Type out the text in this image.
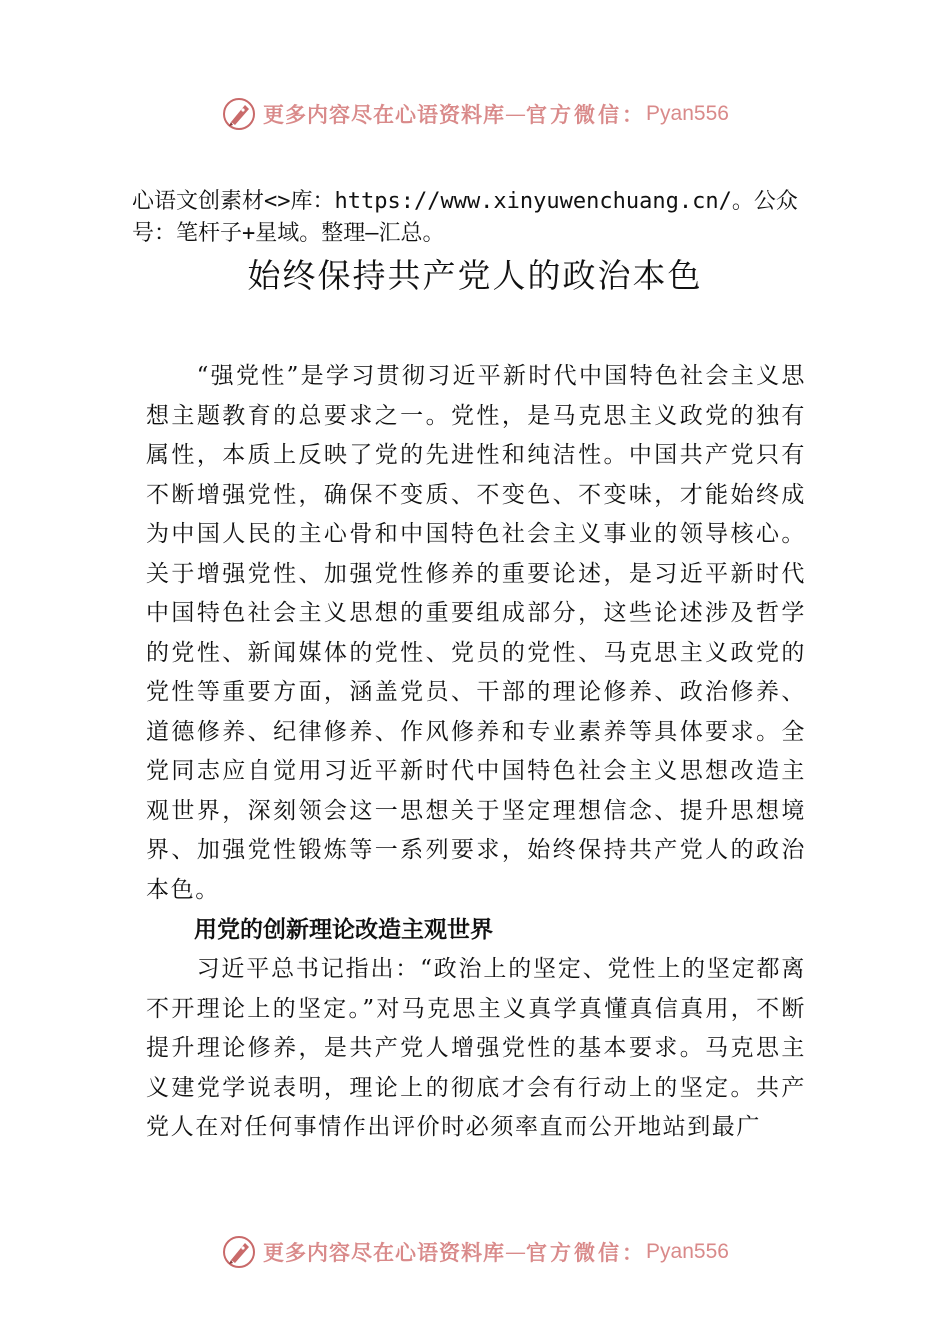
更多内容尽在心语资料库 — 官方微信： Pyan556
心语文创素材<>库：https://www.xinyuwenchuang.cn/。公众号：笔杆子+星域。整理—汇总。
始终保持共产党人的政治本色

“强党性”是学习贯彻习近平新时代中国特色社会主义思想主题教育的总要求之一。党性，是马克思主义政党的独有属性，本质上反映了党的先进性和纯洁性。中国共产党只有不断增强党性，确保不变质、不变色、不变味，才能始终成为中国人民的主心骨和中国特色社会主义事业的领导核心。关于增强党性、加强党性修养的重要论述，是习近平新时代中国特色社会主义思想的重要组成部分，这些论述涉及哲学的党性、新闻媒体的党性、党员的党性、马克思主义政党的党性等重要方面，涵盖党员、干部的理论修养、政治修养、道德修养、纪律修养、作风修养和专业素养等具体要求。全党同志应自觉用习近平新时代中国特色社会主义思想改造主观世界，深刻领会这一思想关于坚定理想信念、提升思想境界、加强党性锻炼等一系列要求，始终保持共产党人的政治本色。

用党的创新理论改造主观世界

习近平总书记指出：“政治上的坚定、党性上的坚定都离不开理论上的坚定。”对马克思主义真学真懂真信真用，不断提升理论修养，是共产党人增强党性的基本要求。马克思主义建党学说表明，理论上的彻底才会有行动上的坚定。共产党人在对任何事情作出评价时必须率直而公开地站到最广

更多内容尽在心语资料库 — 官方微信： Pyan556
